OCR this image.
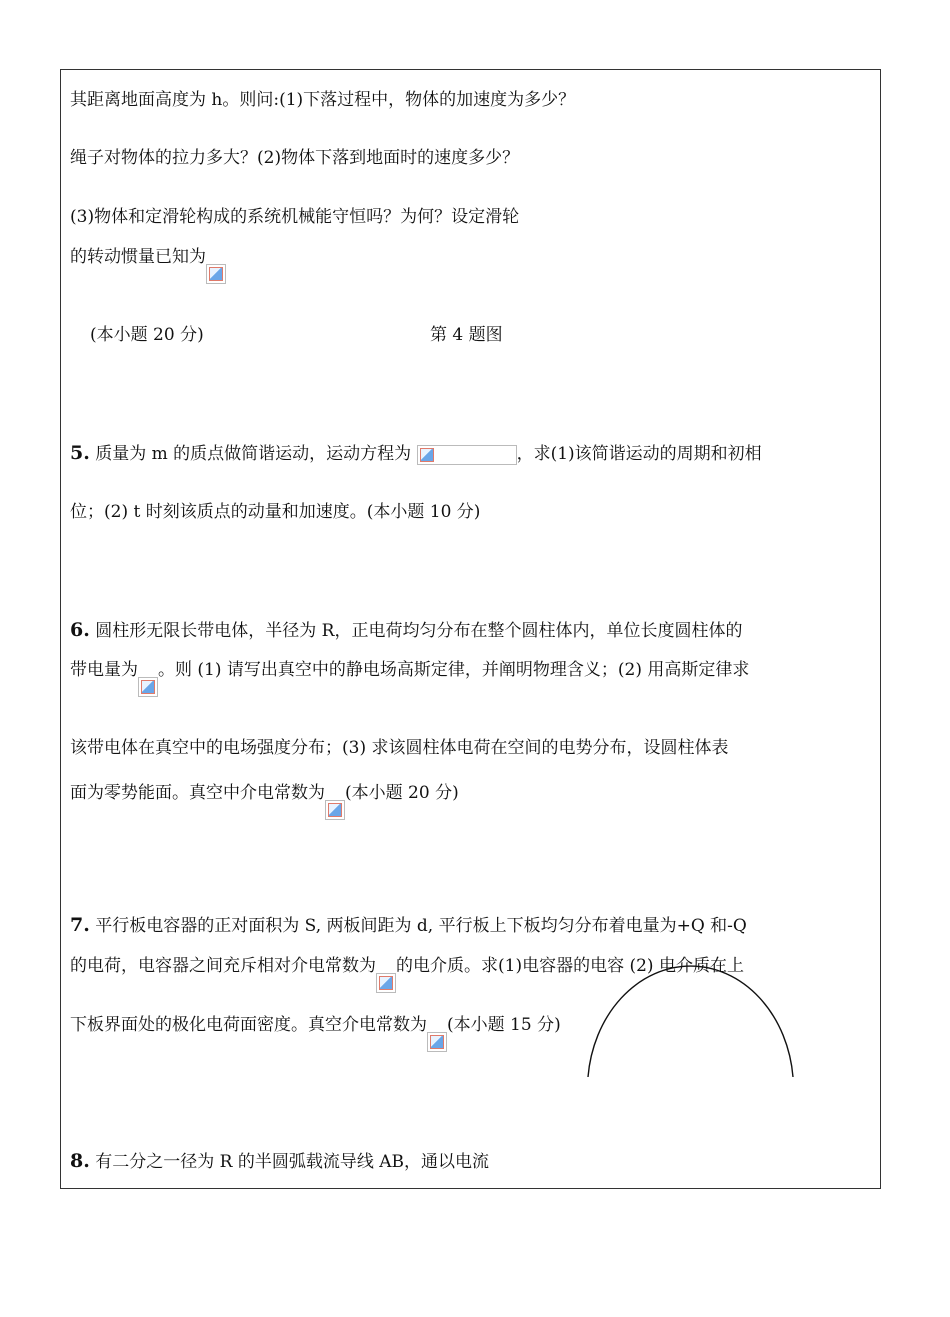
其距离地面高度为 h。则问:(1)下落过程中，物体的加速度为多少？
绳子对物体的拉力多大？(2)物体下落到地面时的速度多少？
(3)物体和定滑轮构成的系统机械能守恒吗？为何？设定滑轮
的转动惯量已知为
(本小题 20 分)	第 4 题图
5. 质量为 m 的质点做简谐运动，运动方程为	，求(1)该简谐运动的周期和初相
位；(2) t 时刻该质点的动量和加速度。(本小题 10 分)
6. 圆柱形无限长带电体，半径为 R，正电荷均匀分布在整个圆柱体内，单位长度圆柱体的
带电量为 。则 (1) 请写出真空中的静电场高斯定律，并阐明物理含义；(2) 用高斯定律求
该带电体在真空中的电场强度分布；(3) 求该圆柱体电荷在空间的电势分布，设圆柱体表
面为零势能面。真空中介电常数为 (本小题 20 分)
7. 平行板电容器的正对面积为 S, 两板间距为 d, 平行板上下板均匀分布着电量为+Q 和-Q
的电荷，电容器之间充斥相对介电常数为 的电介质。求(1)电容器的电容 (2) 电介质在上
下板界面处的极化电荷面密度。真空介电常数为 (本小题 15 分)
8. 有二分之一径为 R 的半圆弧载流导线 AB，通以电流
